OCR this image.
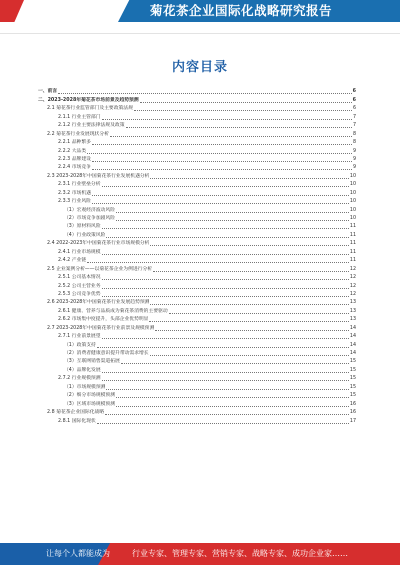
菊花茶企业国际化战略研究报告
内容目录
一、前言	6
二、2023-2028年菊花茶市场前景及趋势预测	6
2.1 菊花茶行业监管部门及主要政策法规	6
2.1.1 行业主管部门	7
2.1.2 行业主要法律法规及政策	7
2.2 菊花茶行业发展现状分析	8
2.2.1 品种繁多	8
2.2.2 大品类	9
2.2.3 品牌建设	9
2.2.4 市场竞争	9
2.3 2023-2028年中国菊花茶行业发展机遇分析	10
2.3.1 行业壁垒分析	10
2.3.2 市场机遇	10
2.3.3 行业风险	10
（1）宏观经济波动风险	10
（2）市场竞争加剧风险	10
（3）原材料风险	11
（4）行业政策风险	11
2.4 2022-2023年中国菊花茶行业市场规模分析	11
2.4.1 行业市场规模	11
2.4.2 产业链	11
2.5 企业案例分析——以菊花茶企业为例进行分析	12
2.5.1 公司基本情况	12
2.5.2 公司主营业务	12
2.5.3 公司竞争优势	12
2.6 2023-2028年中国菊花茶行业发展趋势预测	13
2.6.1 健康、营养与品质成为菊花茶消费的主要驱动	13
2.6.2 市场集中度提升，头部企业优势明显	13
2.7 2023-2028年中国菊花茶行业前景及规模预测	14
2.7.1 行业前景展望	14
（1）政策支持	14
（2）消费者健康意识提升带动需求增长	14
（3）互联网销售渠道拓展	15
（4）品牌化发展	15
2.7.2 行业规模预测	15
（1）市场规模预测	15
（2）细分市场规模预测	15
（3）区域市场规模预测	16
2.8 菊花茶企业国际化战略	16
2.8.1 国际化现状	17
让每个人都能成为	行业专家、管理专家、营销专家、战略专家、成功企业家……
